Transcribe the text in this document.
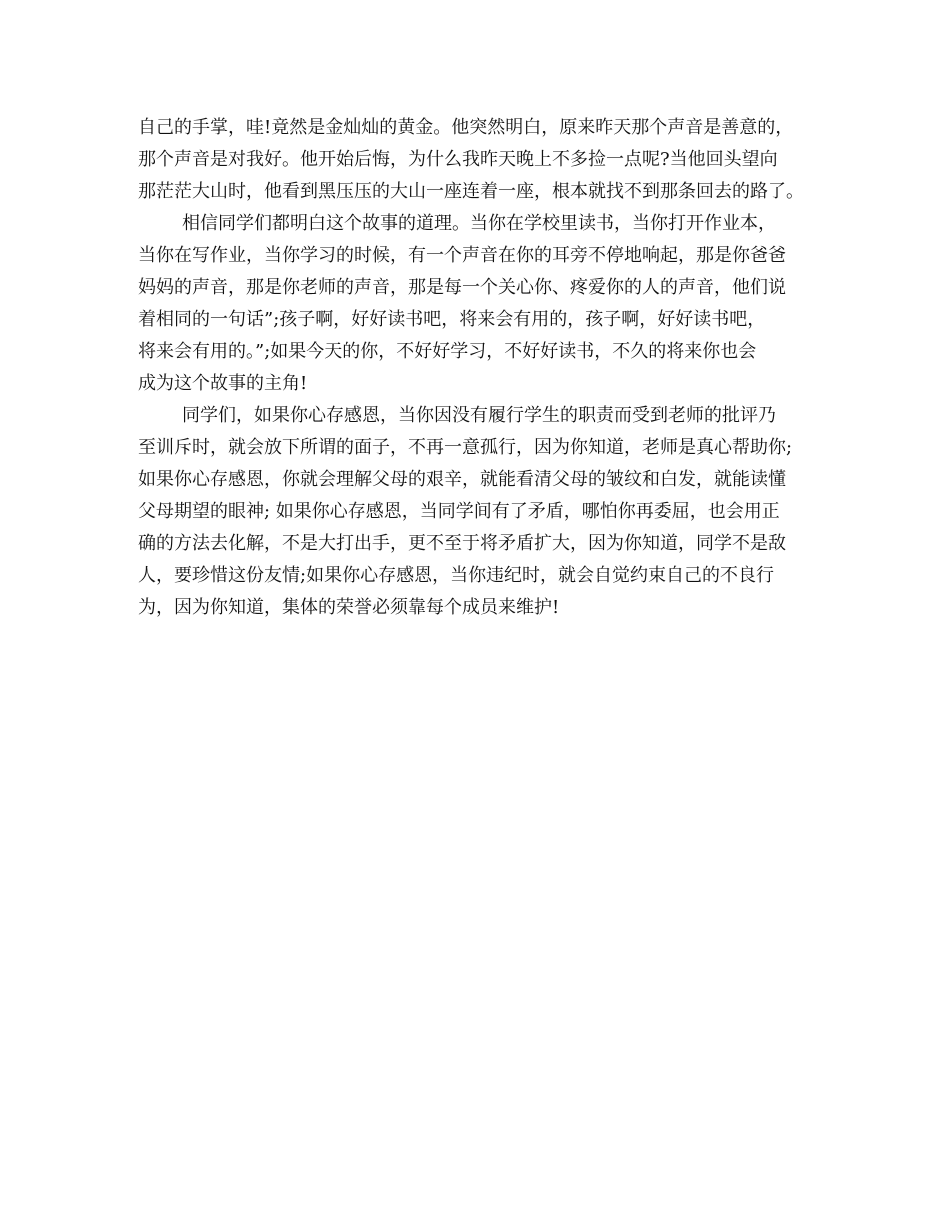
自己的手掌，哇!竟然是金灿灿的黄金。他突然明白，原来昨天那个声音是善意的，
那个声音是对我好。他开始后悔，为什么我昨天晚上不多捡一点呢?当他回头望向
那茫茫大山时，他看到黑压压的大山一座连着一座，根本就找不到那条回去的路了。
相信同学们都明白这个故事的道理。当你在学校里读书，当你打开作业本，
当你在写作业，当你学习的时候，有一个声音在你的耳旁不停地响起，那是你爸爸
妈妈的声音，那是你老师的声音，那是每一个关心你、疼爱你的人的声音，他们说
着相同的一句话”;孩子啊，好好读书吧，将来会有用的，孩子啊，好好读书吧，
将来会有用的。”;如果今天的你，不好好学习，不好好读书，不久的将来你也会
成为这个故事的主角!
同学们，如果你心存感恩，当你因没有履行学生的职责而受到老师的批评乃
至训斥时，就会放下所谓的面子，不再一意孤行，因为你知道，老师是真心帮助你;
如果你心存感恩，你就会理解父母的艰辛，就能看清父母的皱纹和白发，就能读懂
父母期望的眼神; 如果你心存感恩，当同学间有了矛盾，哪怕你再委屈，也会用正
确的方法去化解，不是大打出手，更不至于将矛盾扩大，因为你知道，同学不是敌
人，要珍惜这份友情;如果你心存感恩，当你违纪时，就会自觉约束自己的不良行
为，因为你知道，集体的荣誉必须靠每个成员来维护!
